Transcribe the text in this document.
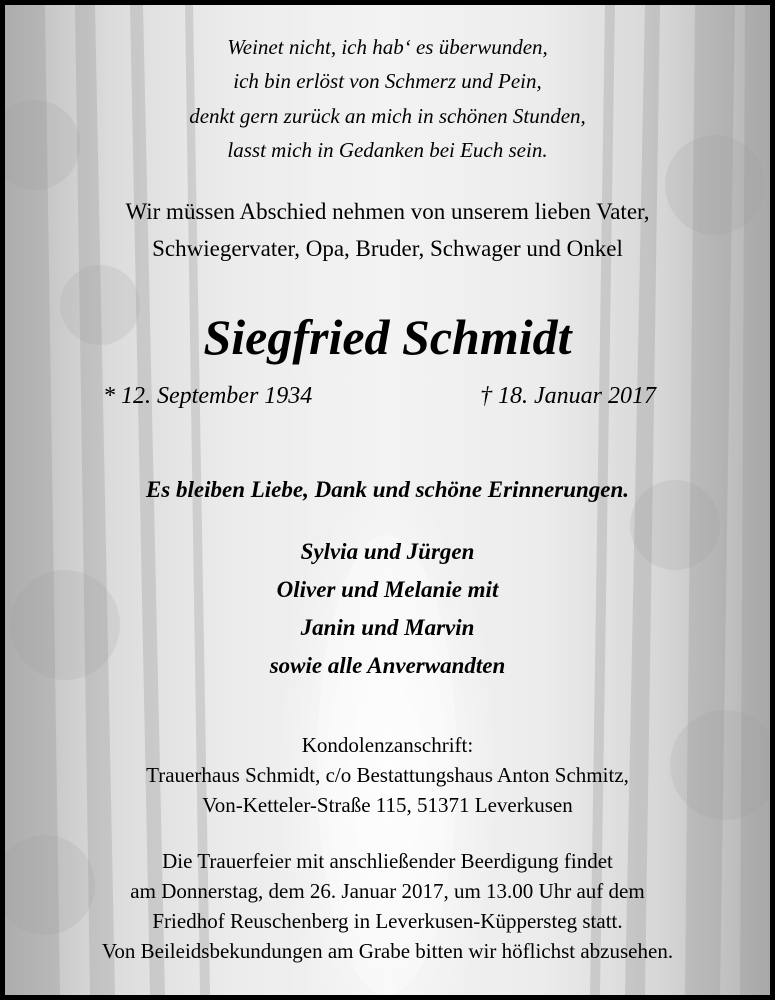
Weinet nicht, ich hab‘ es überwunden,
ich bin erlöst von Schmerz und Pein,
denkt gern zurück an mich in schönen Stunden,
lasst mich in Gedanken bei Euch sein.
Wir müssen Abschied nehmen von unserem lieben Vater,
Schwiegervater, Opa, Bruder, Schwager und Onkel
Siegfried Schmidt
* 12. September 1934	† 18. Januar 2017
Es bleiben Liebe, Dank und schöne Erinnerungen.
Sylvia und Jürgen
Oliver und Melanie mit
Janin und Marvin
sowie alle Anverwandten
Kondolenzanschrift:
Trauerhaus Schmidt, c/o Bestattungshaus Anton Schmitz,
Von-Ketteler-Straße 115, 51371 Leverkusen
Die Trauerfeier mit anschließender Beerdigung findet
am Donnerstag, dem 26. Januar 2017, um 13.00 Uhr auf dem
Friedhof Reuschenberg in Leverkusen-Küppersteg statt.
Von Beileidsbekundungen am Grabe bitten wir höflichst abzusehen.
